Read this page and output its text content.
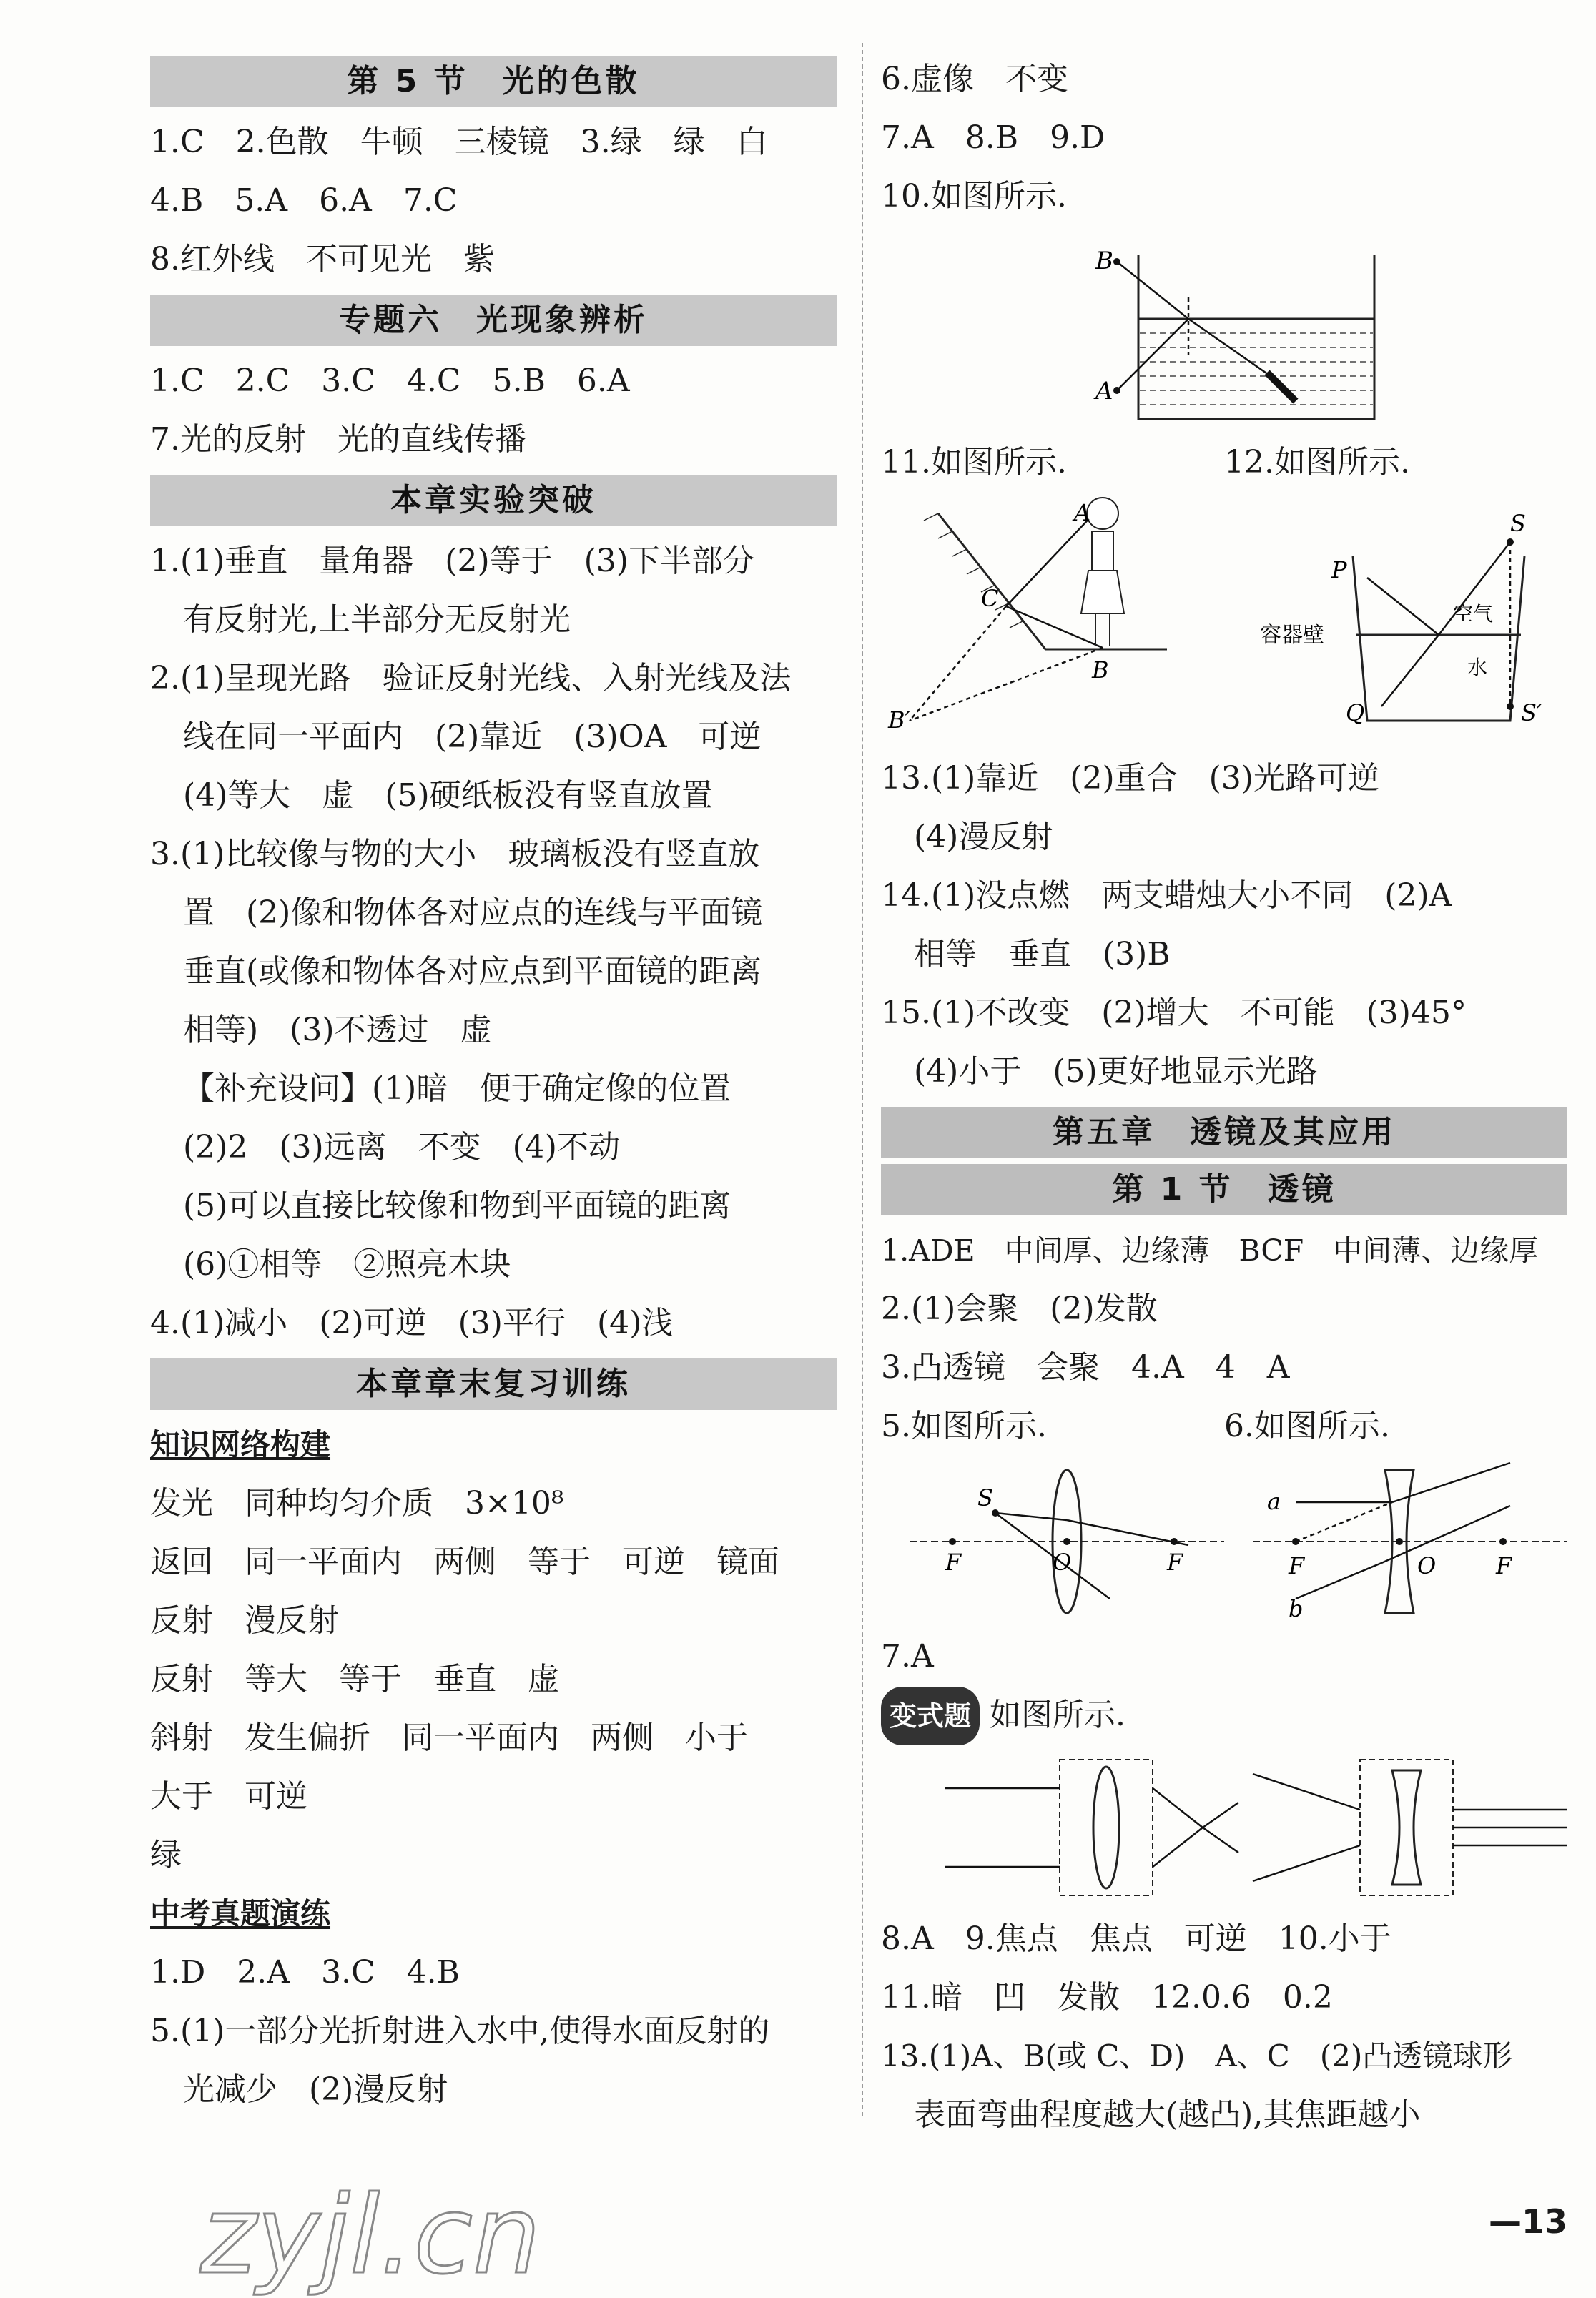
第 5 节　光的色散
1.C　2.色散　牛顿　三棱镜　3.绿　绿　白
4.B　5.A　6.A　7.C
8.红外线　不可见光　紫
专题六　光现象辨析
1.C　2.C　3.C　4.C　5.B　6.A
7.光的反射　光的直线传播
本章实验突破
1.(1)垂直　量角器　(2)等于　(3)下半部分
有反射光,上半部分无反射光
2.(1)呈现光路　验证反射光线、入射光线及法
线在同一平面内　(2)靠近　(3)OA　可逆
(4)等大　虚　(5)硬纸板没有竖直放置
3.(1)比较像与物的大小　玻璃板没有竖直放
置　(2)像和物体各对应点的连线与平面镜
垂直(或像和物体各对应点到平面镜的距离
相等)　(3)不透过　虚
【补充设问】(1)暗　便于确定像的位置
(2)2　(3)远离　不变　(4)不动
(5)可以直接比较像和物到平面镜的距离
(6)①相等　②照亮木块
4.(1)减小　(2)可逆　(3)平行　(4)浅
本章章末复习训练
知识网络构建
发光　同种均匀介质　3×10⁸
返回　同一平面内　两侧　等于　可逆　镜面
反射　漫反射
反射　等大　等于　垂直　虚
斜射　发生偏折　同一平面内　两侧　小于
大于　可逆
绿
中考真题演练
1.D　2.A　3.C　4.B
5.(1)一部分光折射进入水中,使得水面反射的
光减少　(2)漫反射
6.虚像　不变
7.A　8.B　9.D
10.如图所示.
B
A
11.如图所示.	12.如图所示.
A
C
B
B′
P
S
Q	S′
容器壁
空气
水
13.(1)靠近　(2)重合　(3)光路可逆
(4)漫反射
14.(1)没点燃　两支蜡烛大小不同　(2)A
相等　垂直　(3)B
15.(1)不改变　(2)增大　不可能　(3)45°
(4)小于　(5)更好地显示光路
第五章　透镜及其应用
第 1 节　透镜
1.ADE　中间厚、边缘薄　BCF　中间薄、边缘厚
2.(1)会聚　(2)发散
3.凸透镜　会聚　4.A　4　A
5.如图所示.	6.如图所示.
S
F	O	F
a
F	O	F
b
7.A
变式题 如图所示.
8.A　9.焦点　焦点　可逆　10.小于
11.暗　凹　发散　12.0.6　0.2
13.(1)A、B(或 C、D)　A、C　(2)凸透镜球形
表面弯曲程度越大(越凸),其焦距越小
—13
zyjl.cn
